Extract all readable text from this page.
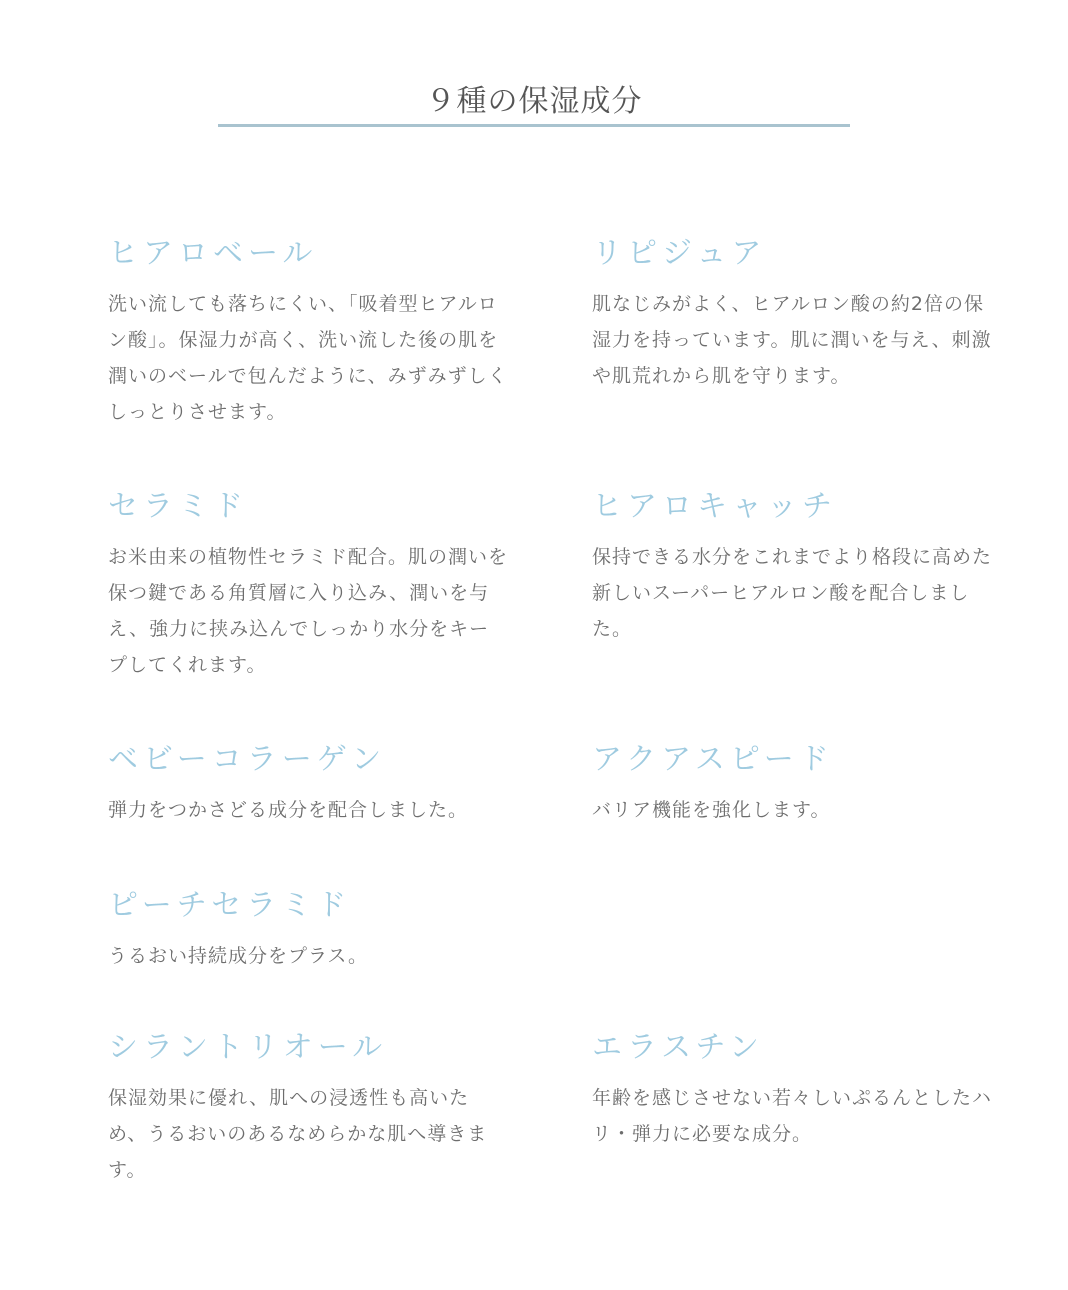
９種の保湿成分
ヒアロベール

洗い流しても落ちにくい、「吸着型ヒアルロン酸」。保湿力が高く、洗い流した後の肌を潤いのベールで包んだように、みずみずしくしっとりさせます。

リピジュア

肌なじみがよく、ヒアルロン酸の約2倍の保湿力を持っています。肌に潤いを与え、刺激や肌荒れから肌を守ります。

セラミド

お米由来の植物性セラミド配合。肌の潤いを保つ鍵である角質層に入り込み、潤いを与え、強力に挟み込んでしっかり水分をキープしてくれます。

ヒアロキャッチ

保持できる水分をこれまでより格段に高めた新しいスーパーヒアルロン酸を配合しました。

ベビーコラーゲン

弾力をつかさどる成分を配合しました。

アクアスピード

バリア機能を強化します。

ピーチセラミド

うるおい持続成分をプラス。

シラントリオール

保湿効果に優れ、肌への浸透性も高いため、うるおいのあるなめらかな肌へ導きます。

エラスチン

年齢を感じさせない若々しいぷるんとしたハリ・弾力に必要な成分。
